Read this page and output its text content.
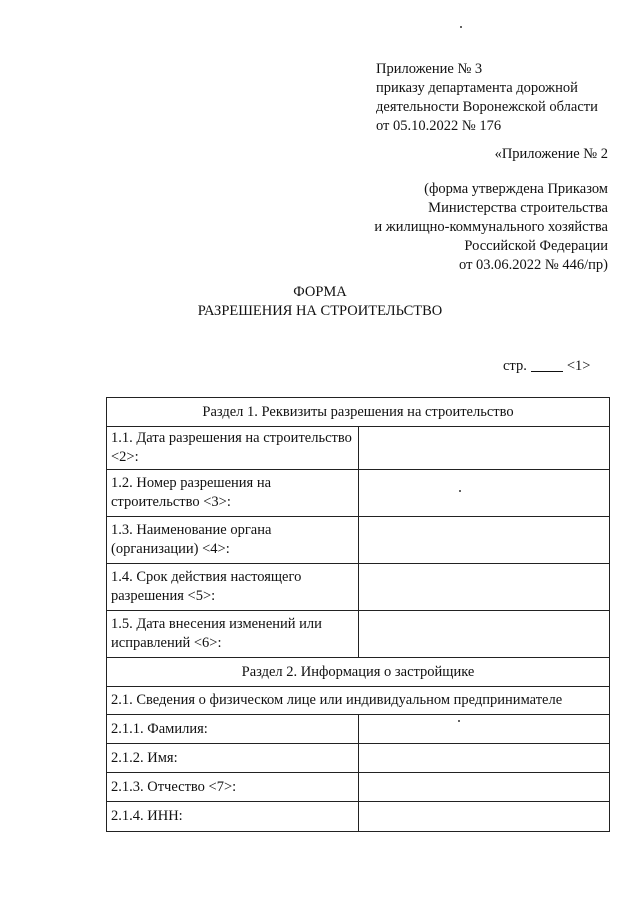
Приложение № 3
приказу департамента дорожной
деятельности Воронежской области
от 05.10.2022 № 176
«Приложение № 2
(форма утверждена Приказом
Министерства строительства
и жилищно-коммунального хозяйства
Российской Федерации
от 03.06.2022 № 446/пр)
ФОРМА
РАЗРЕШЕНИЯ НА СТРОИТЕЛЬСТВО
стр.	<1>
Раздел 1. Реквизиты разрешения на строительство	
1.1. Дата разрешения на строительство <2>:	
1.2. Номер разрешения на строительство <3>:	
1.3. Наименование органа (организации) <4>:	
1.4. Срок действия настоящего разрешения <5>:	
1.5. Дата внесения изменений или исправлений <6>:	
Раздел 2. Информация о застройщике	
2.1. Сведения о физическом лице или индивидуальном предпринимателе	
2.1.1. Фамилия:	
2.1.2. Имя:	
2.1.3. Отчество <7>:	
2.1.4. ИНН:	
